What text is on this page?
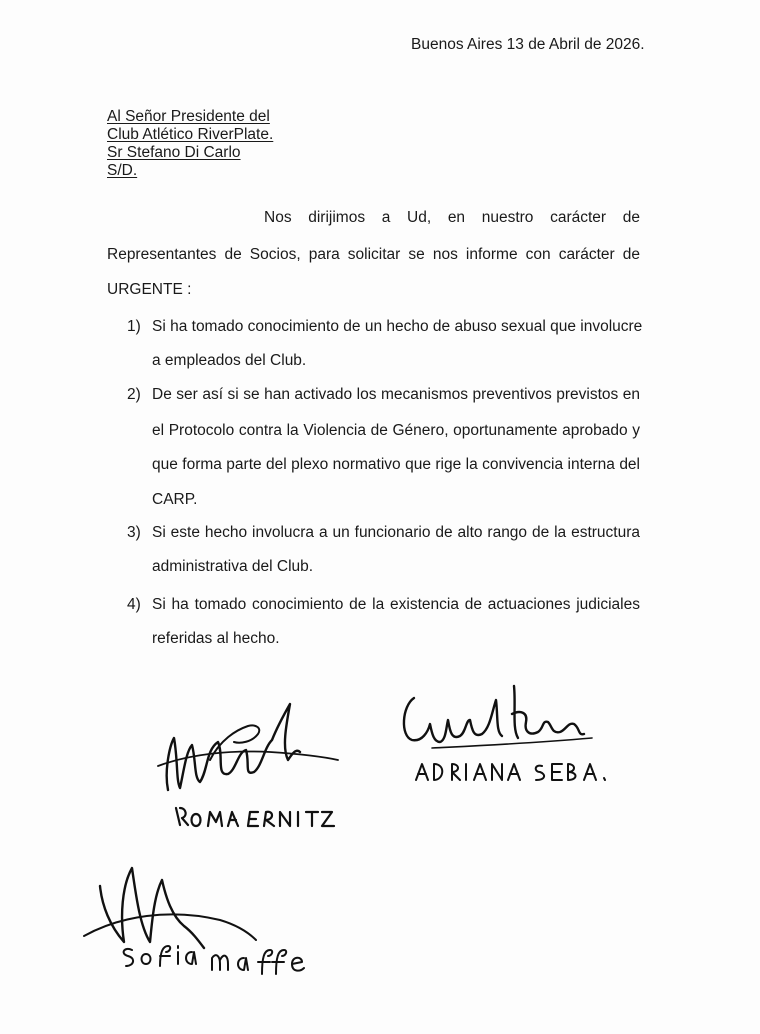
Buenos Aires 13 de Abril de 2026.
Al Señor Presidente del
Club Atlético RiverPlate.
Sr Stefano Di Carlo
S/D.
Nos dirijimos a Ud, en nuestro carácter de
Representantes de Socios, para solicitar se nos informe con carácter de
URGENTE :
1) Si ha tomado conocimiento de un hecho de abuso sexual que involucre
a empleados del Club.
2) De ser así si se han activado los mecanismos preventivos previstos en
el Protocolo contra la Violencia de Género, oportunamente aprobado y
que forma parte del plexo normativo que rige la convivencia interna del
CARP.
3) Si este hecho involucra a un funcionario de alto rango de la estructura
administrativa del Club.
4) Si ha tomado conocimiento de la existencia de actuaciones judiciales
referidas al hecho.
